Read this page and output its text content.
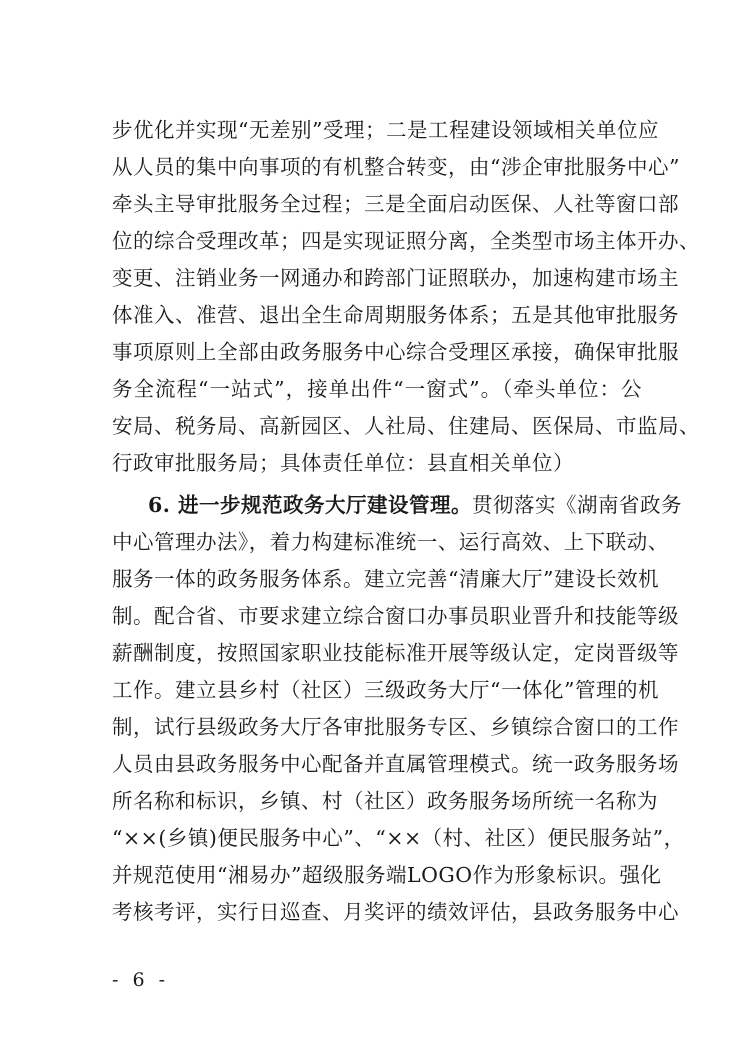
步优化并实现“无差别”受理；二是工程建设领域相关单位应
从人员的集中向事项的有机整合转变，由“涉企审批服务中心”
牵头主导审批服务全过程；三是全面启动医保、人社等窗口部
位的综合受理改革；四是实现证照分离，全类型市场主体开办、
变更、注销业务一网通办和跨部门证照联办，加速构建市场主
体准入、准营、退出全生命周期服务体系；五是其他审批服务
事项原则上全部由政务服务中心综合受理区承接，确保审批服
务全流程“一站式”，接单出件“一窗式”。（牵头单位：公
安局、税务局、高新园区、人社局、住建局、医保局、市监局、
行政审批服务局；具体责任单位：县直相关单位）
6. 进一步规范政务大厅建设管理。贯彻落实《湖南省政务
中心管理办法》，着力构建标准统一、运行高效、上下联动、
服务一体的政务服务体系。建立完善“清廉大厅”建设长效机
制。配合省、市要求建立综合窗口办事员职业晋升和技能等级
薪酬制度，按照国家职业技能标准开展等级认定，定岗晋级等
工作。建立县乡村（社区）三级政务大厅“一体化”管理的机
制，试行县级政务大厅各审批服务专区、乡镇综合窗口的工作
人员由县政务服务中心配备并直属管理模式。统一政务服务场
所名称和标识，乡镇、村（社区）政务服务场所统一名称为
“××(乡镇)便民服务中心”、“××（村、社区）便民服务站”，
并规范使用“湘易办”超级服务端LOGO作为形象标识。强化
考核考评，实行日巡查、月奖评的绩效评估，县政务服务中心
- 6 -
